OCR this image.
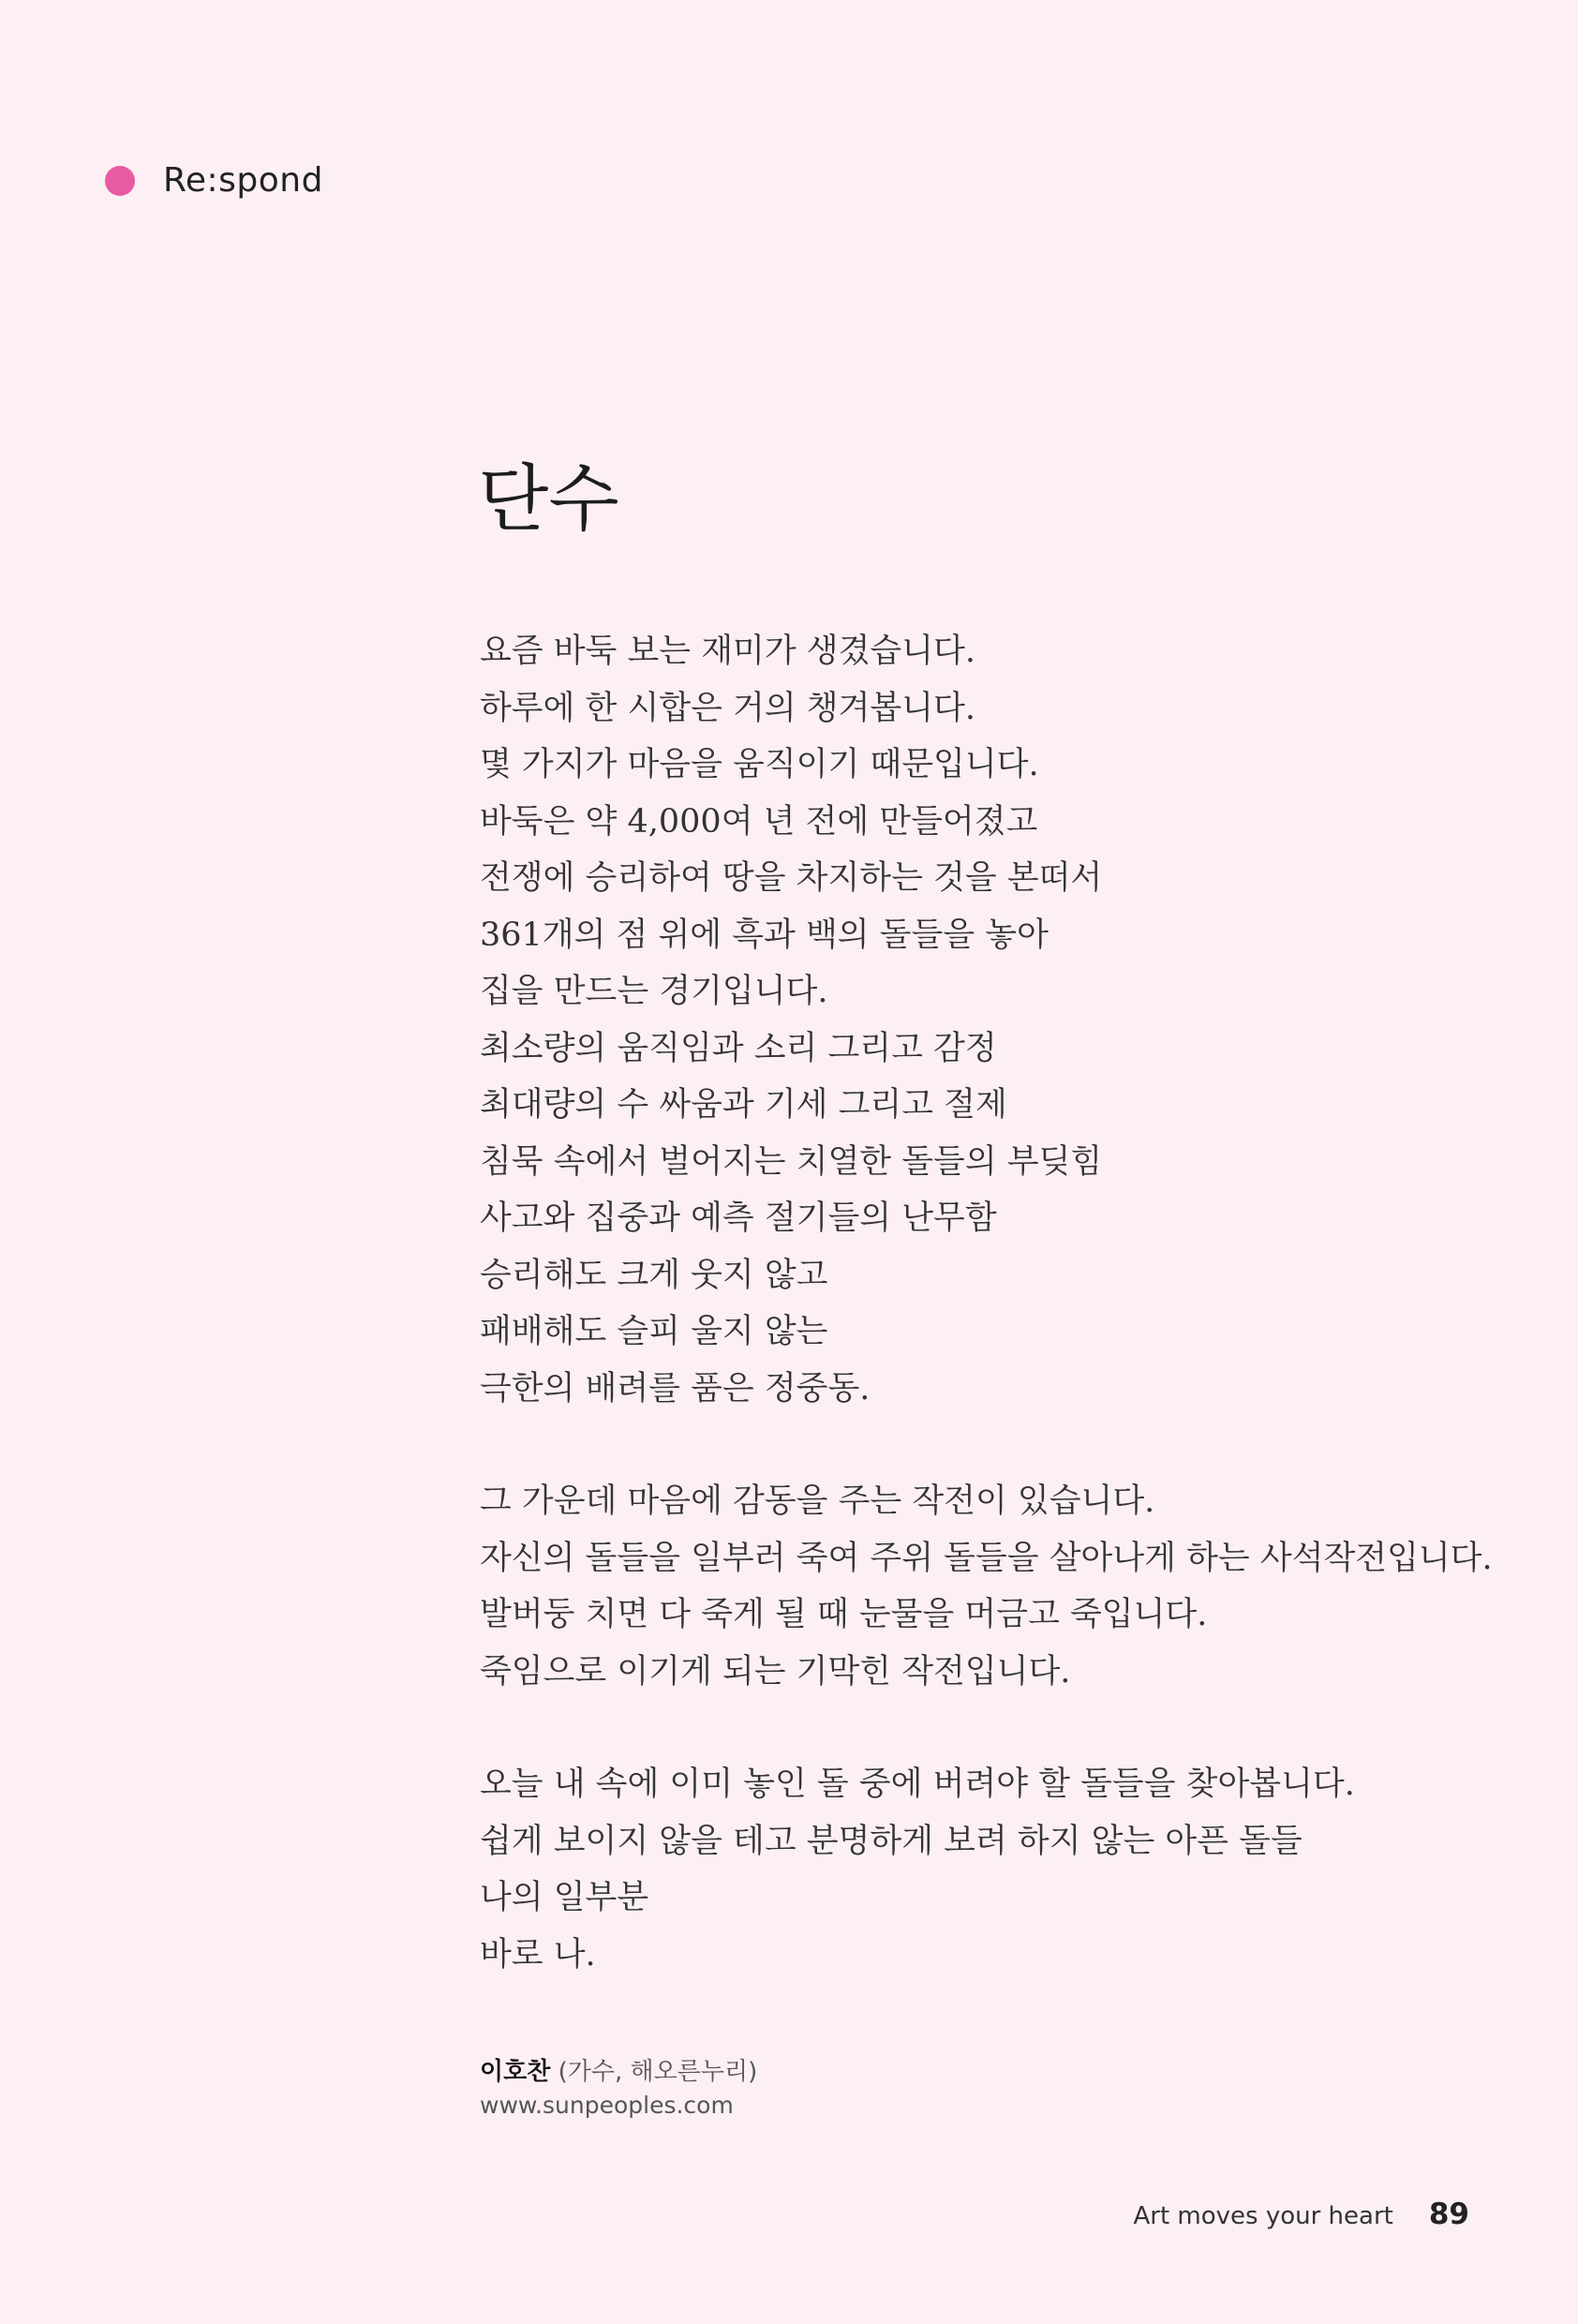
Re:spond
단수
요즘 바둑 보는 재미가 생겼습니다.
하루에 한 시합은 거의 챙겨봅니다.
몇 가지가 마음을 움직이기 때문입니다.
바둑은 약 4,000여 년 전에 만들어졌고
전쟁에 승리하여 땅을 차지하는 것을 본떠서
361개의 점 위에 흑과 백의 돌들을 놓아
집을 만드는 경기입니다.
최소량의 움직임과 소리 그리고 감정
최대량의 수 싸움과 기세 그리고 절제
침묵 속에서 벌어지는 치열한 돌들의 부딪힘
사고와 집중과 예측 절기들의 난무함
승리해도 크게 웃지 않고
패배해도 슬피 울지 않는
극한의 배려를 품은 정중동.
그 가운데 마음에 감동을 주는 작전이 있습니다.
자신의 돌들을 일부러 죽여 주위 돌들을 살아나게 하는 사석작전입니다.
발버둥 치면 다 죽게 될 때 눈물을 머금고 죽입니다.
죽임으로 이기게 되는 기막힌 작전입니다.
오늘 내 속에 이미 놓인 돌 중에 버려야 할 돌들을 찾아봅니다.
쉽게 보이지 않을 테고 분명하게 보려 하지 않는 아픈 돌들
나의 일부분
바로 나.
이호찬 (가수, 해오른누리)
www.sunpeoples.com
Art moves your heart 89
